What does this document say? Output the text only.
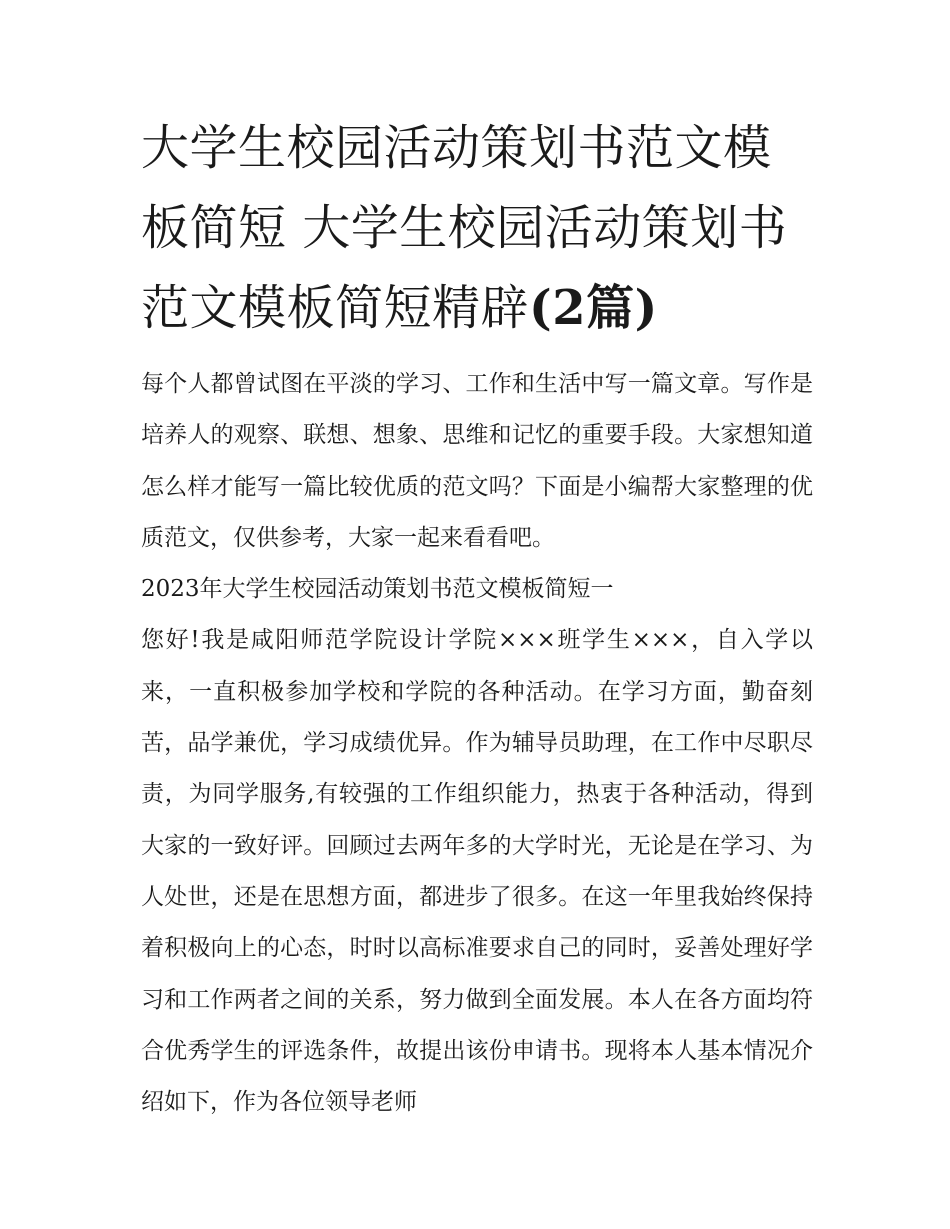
大学生校园活动策划书范文模板简短 大学生校园活动策划书范文模板简短精辟(2篇)

每个人都曾试图在平淡的学习、工作和生活中写一篇文章。写作是培养人的观察、联想、想象、思维和记忆的重要手段。大家想知道怎么样才能写一篇比较优质的范文吗？下面是小编帮大家整理的优质范文，仅供参考，大家一起来看看吧。

2023年大学生校园活动策划书范文模板简短一

您好!我是咸阳师范学院设计学院×××班学生×××，自入学以来，一直积极参加学校和学院的各种活动。在学习方面，勤奋刻苦，品学兼优，学习成绩优异。作为辅导员助理，在工作中尽职尽责，为同学服务,有较强的工作组织能力，热衷于各种活动，得到大家的一致好评。回顾过去两年多的大学时光，无论是在学习、为人处世，还是在思想方面，都进步了很多。在这一年里我始终保持着积极向上的心态，时时以高标准要求自己的同时，妥善处理好学习和工作两者之间的关系，努力做到全面发展。本人在各方面均符合优秀学生的评选条件，故提出该份申请书。现将本人基本情况介绍如下，作为各位领导老师
